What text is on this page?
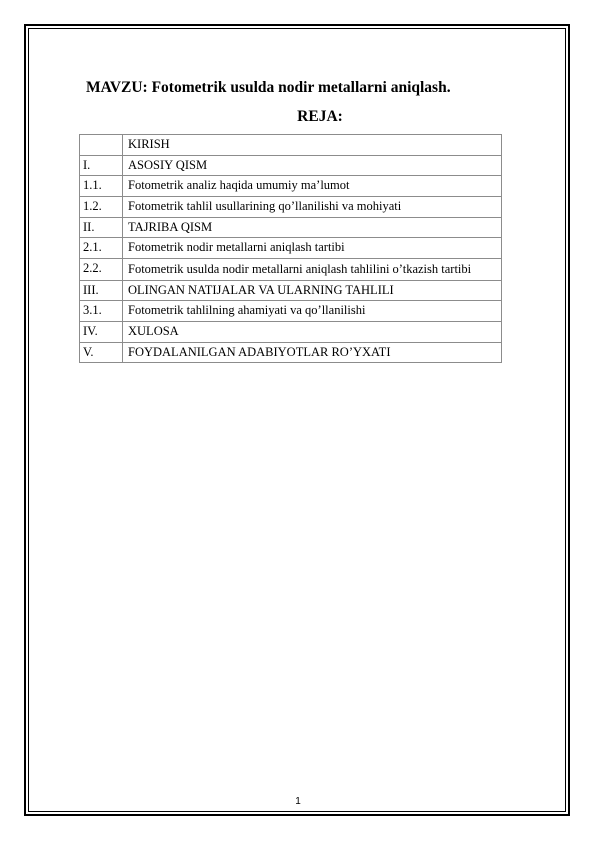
MAVZU: Fotometrik usulda nodir metallarni aniqlash.
REJA:
	KIRISH
I.	ASOSIY QISM
1.1.	Fotometrik analiz haqida umumiy ma’lumot
1.2.	Fotometrik tahlil usullarining qo’llanilishi va mohiyati
II.	TAJRIBA QISM
2.1.	Fotometrik nodir metallarni aniqlash tartibi
2.2.	Fotometrik usulda nodir metallarni aniqlash tahlilini o’tkazish tartibi
III.	OLINGAN NATIJALAR VA ULARNING TAHLILI
3.1.	Fotometrik tahlilning ahamiyati va qo’llanilishi
IV.	XULOSA
V.	FOYDALANILGAN ADABIYOTLAR RO’YXATI
1
